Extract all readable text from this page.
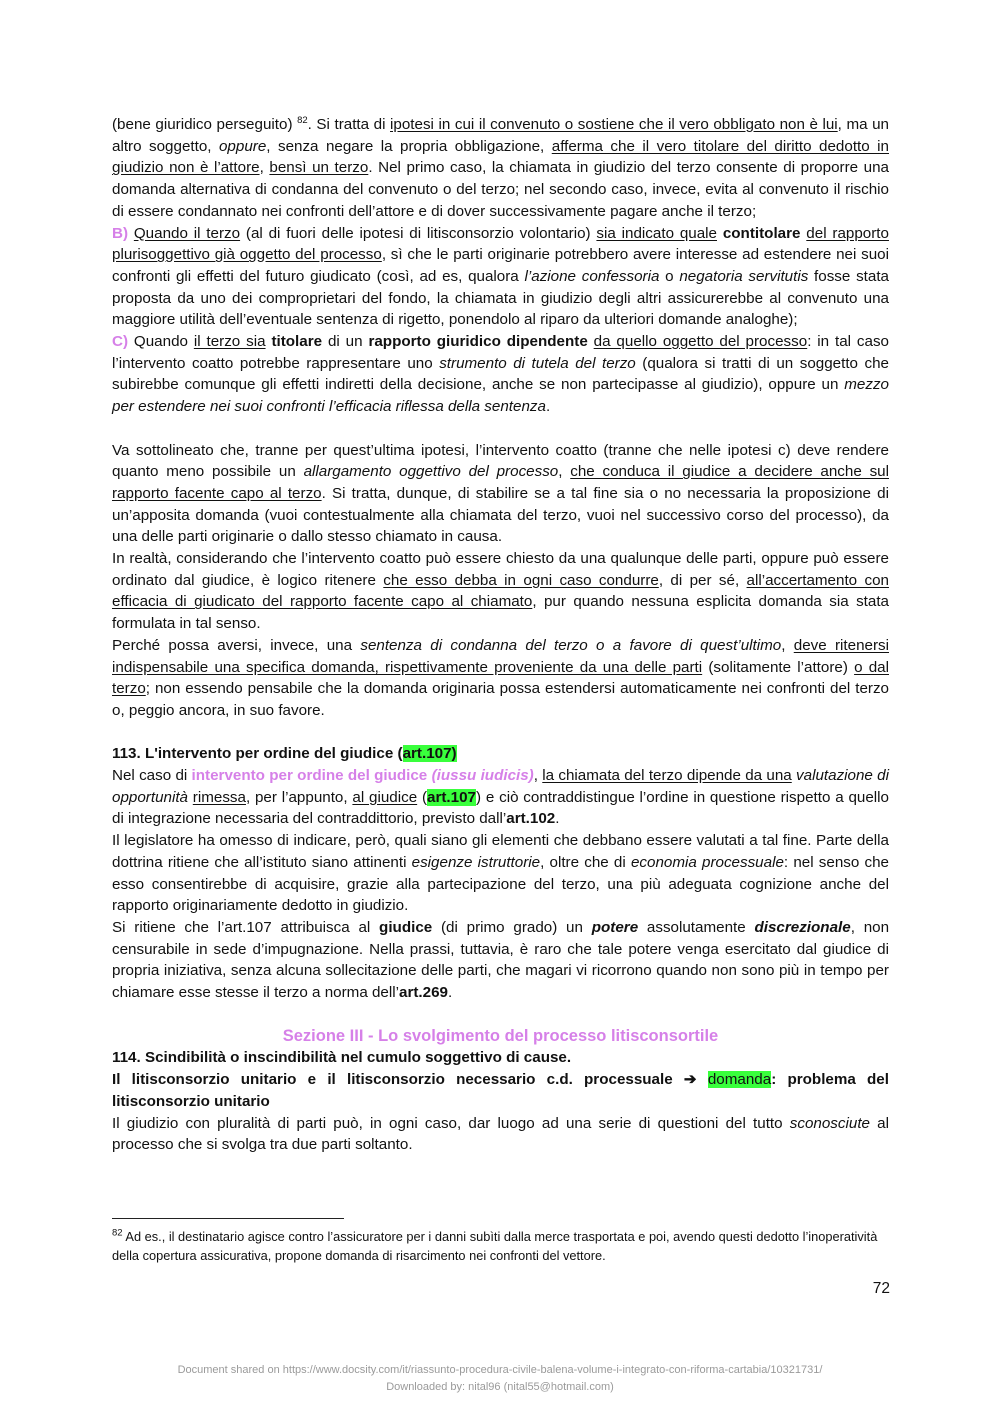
(bene giuridico perseguito) $^{82}$. Si tratta di ipotesi in cui il convenuto o sostiene che il vero obbligato non è lui, ma un altro soggetto, oppure, senza negare la propria obbligazione, afferma che il vero titolare del diritto dedotto in giudizio non è l’attore, bensì un terzo. Nel primo caso, la chiamata in giudizio del terzo consente di proporre una domanda alternativa di condanna del convenuto o del terzo; nel secondo caso, invece, evita al convenuto il rischio di essere condannato nei confronti dell’attore e di dover successivamente pagare anche il terzo;

B) Quando il terzo (al di fuori delle ipotesi di litisconsorzio volontario) sia indicato quale contitolare del rapporto plurisoggettivo già oggetto del processo, sì che le parti originarie potrebbero avere interesse ad estendere nei suoi confronti gli effetti del futuro giudicato (così, ad es, qualora l’azione confessoria o negatoria servitutis fosse stata proposta da uno dei comproprietari del fondo, la chiamata in giudizio degli altri assicurerebbe al convenuto una maggiore utilità dell’eventuale sentenza di rigetto, ponendolo al riparo da ulteriori domande analoghe);

C) Quando il terzo sia titolare di un rapporto giuridico dipendente da quello oggetto del processo: in tal caso l’intervento coatto potrebbe rappresentare uno strumento di tutela del terzo (qualora si tratti di un soggetto che subirebbe comunque gli effetti indiretti della decisione, anche se non partecipasse al giudizio), oppure un mezzo per estendere nei suoi confronti l’efficacia riflessa della sentenza.

Va sottolineato che, tranne per quest’ultima ipotesi, l’intervento coatto (tranne che nelle ipotesi c) deve rendere quanto meno possibile un allargamento oggettivo del processo, che conduca il giudice a decidere anche sul rapporto facente capo al terzo. Si tratta, dunque, di stabilire se a tal fine sia o no necessaria la proposizione di un’apposita domanda (vuoi contestualmente alla chiamata del terzo, vuoi nel successivo corso del processo), da una delle parti originarie o dallo stesso chiamato in causa.

In realtà, considerando che l’intervento coatto può essere chiesto da una qualunque delle parti, oppure può essere ordinato dal giudice, è logico ritenere che esso debba in ogni caso condurre, di per sé, all’accertamento con efficacia di giudicato del rapporto facente capo al chiamato, pur quando nessuna esplicita domanda sia stata formulata in tal senso.

Perché possa aversi, invece, una sentenza di condanna del terzo o a favore di quest’ultimo, deve ritenersi indispensabile una specifica domanda, rispettivamente proveniente da una delle parti (solitamente l’attore) o dal terzo; non essendo pensabile che la domanda originaria possa estendersi automaticamente nei confronti del terzo o, peggio ancora, in suo favore.

113. L'intervento per ordine del giudice (art.107)

Nel caso di intervento per ordine del giudice (iussu iudicis), la chiamata del terzo dipende da una valutazione di opportunità rimessa, per l’appunto, al giudice (art.107) e ciò contraddistingue l’ordine in questione rispetto a quello di integrazione necessaria del contraddittorio, previsto dall’art.102.

Il legislatore ha omesso di indicare, però, quali siano gli elementi che debbano essere valutati a tal fine. Parte della dottrina ritiene che all’istituto siano attinenti esigenze istruttorie, oltre che di economia processuale: nel senso che esso consentirebbe di acquisire, grazie alla partecipazione del terzo, una più adeguata cognizione anche del rapporto originariamente dedotto in giudizio.

Si ritiene che l’art.107 attribuisca al giudice (di primo grado) un potere assolutamente discrezionale, non censurabile in sede d’impugnazione. Nella prassi, tuttavia, è raro che tale potere venga esercitato dal giudice di propria iniziativa, senza alcuna sollecitazione delle parti, che magari vi ricorrono quando non sono più in tempo per chiamare esse stesse il terzo a norma dell’art.269.

Sezione III - Lo svolgimento del processo litisconsortile

114. Scindibilità o inscindibilità nel cumulo soggettivo di cause.

Il litisconsorzio unitario e il litisconsorzio necessario c.d. processuale ➔ domanda: problema del litisconsorzio unitario

Il giudizio con pluralità di parti può, in ogni caso, dar luogo ad una serie di questioni del tutto sconosciute al processo che si svolga tra due parti soltanto.

$^{82}$ Ad es., il destinatario agisce contro l’assicuratore per i danni subìti dalla merce trasportata e poi, avendo questi dedotto l’inoperatività della copertura assicurativa, propone domanda di risarcimento nei confronti del vettore.

72
Document shared on https://www.docsity.com/it/riassunto-procedura-civile-balena-volume-i-integrato-con-riforma-cartabia/10321731/
Downloaded by: nital96 (nital55@hotmail.com)
